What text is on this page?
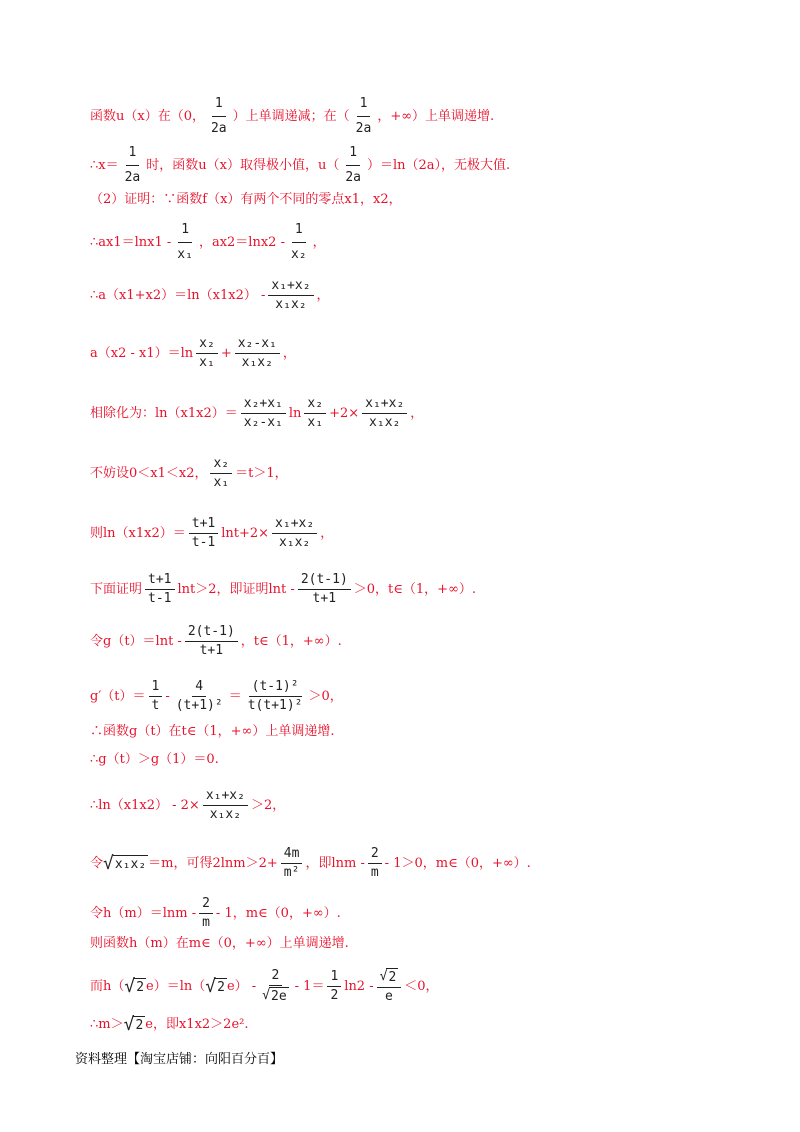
函数u（x）在（0， $\frac{1}{2a}$ ）上单调递减；在（ $\frac{1}{2a}$ ，+∞）上单调递增.
∴x＝ $\frac{1}{2a}$ 时，函数u（x）取得极小值，$u( \frac{1}{2a} )=\ln(2a)$，无极大值.
（2）证明：∵函数f（x）有两个不同的零点x1，x2，
∴ax1＝lnx1 - $\frac{1}{\text{x₁}}$ ，$ax2=\ln x2 - \frac{1}{\text{x₂}}$ ，
∴a（x1+x2）＝ln（x1x2） - $\frac{\text{x₁+x₂}}{\text{x₁x₂}}$ ，
$a(x2 - x1)=\ln \frac{\text{x₂}}{\text{x₁}} + \frac{\text{x₂-x₁}}{\text{x₁x₂}}$ ，
相除化为：$\ln(x1x2)= \frac{\text{x₂+x₁}}{\text{x₂-x₁}}$ $\ln \frac{\text{x₂}}{\text{x₁}} +2\times \frac{\text{x₁+x₂}}{\text{x₁x₂}}$ ，
不妨设0＜x1＜x2， $\frac{\text{x₂}}{\text{x₁}} =t>1$，
则$\ln(x1x2)= \frac{t+1}{t-1} \ln t+2\times \frac{\text{x₁+x₂}}{\text{x₁x₂}}$ ，
下面证明 $\frac{t+1}{t-1} \ln t>2$，即证明$\ln t - \frac{2(t-1)}{t+1} >0$，t∈（1，+∞）.
令$g(t)=\ln t - \frac{2(t-1)}{t+1}$ ，t∈（1，+∞）.
$g'(t)= \frac{1}{t} - \frac{4}{\text{(t+1)²}} = \frac{\text{(t-1)²}}{\text{t(t+1)²}} >0$，
∴函数g（t）在t∈（1，+∞）上单调递增.
∴g（t）＞g（1）＝0.
∴ln（x1x2） - $2\times \frac{\text{x₁+x₂}}{\text{x₁x₂}} >2$，
令 √ x₁x₂ ＝m，可得$2\ln m>2+ \frac{4m}{\text{m²}}$ ，即$\ln m - \frac{2}{m} - 1>0$，m∈（0，+∞）.
令$h(m)=\ln m - \frac{2}{m} - 1$，m∈（0，+∞）.
则函数h（m）在m∈（0，+∞）上单调递增.
而h（ √ 2 e）＝ln（ √ 2 $e) - \frac{2}{√ 2e} - 1= \frac{1}{2} \ln 2 - \frac{√ 2}{e} <0$，
∴m＞ √ 2 e，即x1x2＞2e².
资料整理【淘宝店铺：向阳百分百】
